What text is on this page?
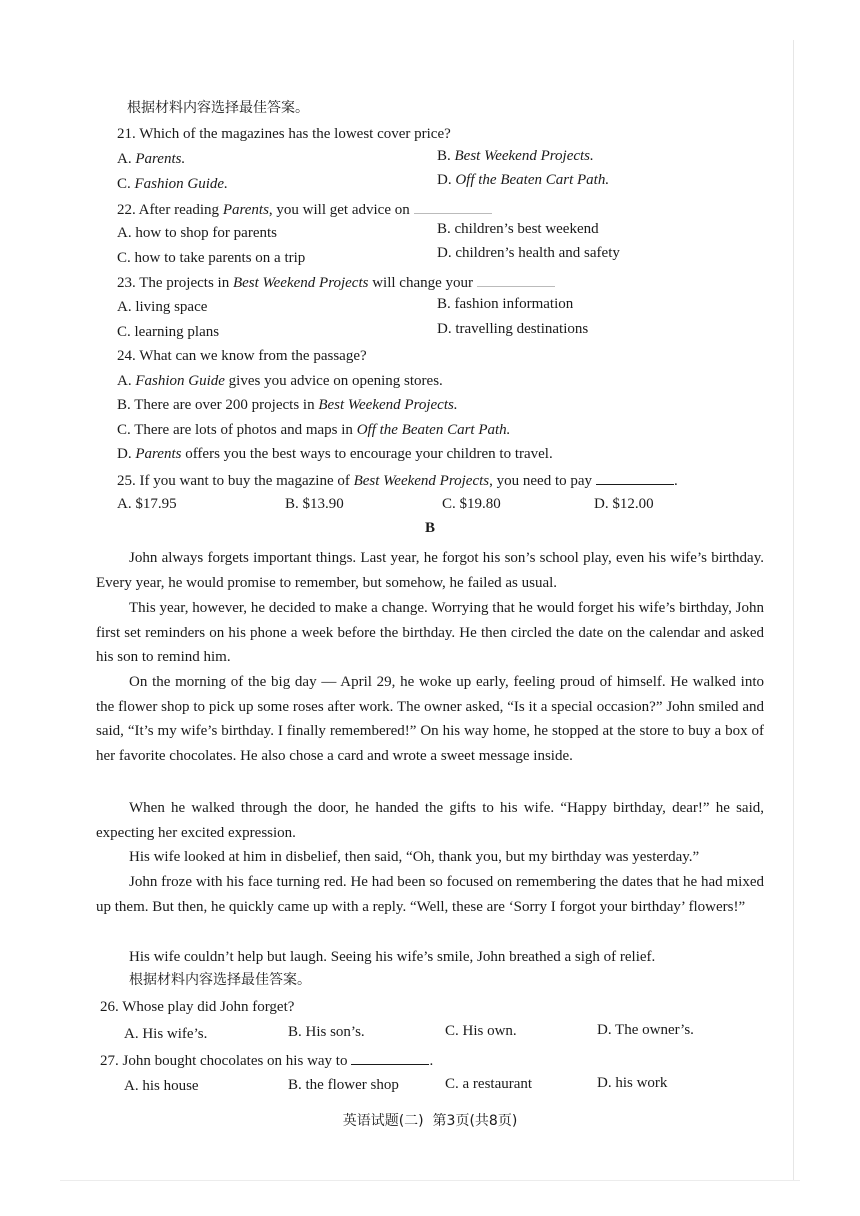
根据材料内容选择最佳答案。
21. Which of the magazines has the lowest cover price?
A. Parents.	B. Best Weekend Projects.
C. Fashion Guide.	D. Off the Beaten Cart Path.
22. After reading Parents, you will get advice on
A. how to shop for parents	B. children’s best weekend
C. how to take parents on a trip	D. children’s health and safety
23. The projects in Best Weekend Projects will change your
A. living space	B. fashion information
C. learning plans	D. travelling destinations
24. What can we know from the passage?
A. Fashion Guide gives you advice on opening stores.
B. There are over 200 projects in Best Weekend Projects.
C. There are lots of photos and maps in Off the Beaten Cart Path.
D. Parents offers you the best ways to encourage your children to travel.
25. If you want to buy the magazine of Best Weekend Projects, you need to pay	.
A. $17.95	B. $13.90	C. $19.80	D. $12.00
B
John always forgets important things. Last year, he forgot his son’s school play, even his wife’s birthday. Every year, he would promise to remember, but somehow, he failed as usual.
This year, however, he decided to make a change. Worrying that he would forget his wife’s birthday, John first set reminders on his phone a week before the birthday. He then circled the date on the calendar and asked his son to remind him.
On the morning of the big day — April 29, he woke up early, feeling proud of himself. He walked into the flower shop to pick up some roses after work. The owner asked, “Is it a special occasion?” John smiled and said, “It’s my wife’s birthday. I finally remembered!” On his way home, he stopped at the store to buy a box of her favorite chocolates. He also chose a card and wrote a sweet message inside.
When he walked through the door, he handed the gifts to his wife. “Happy birthday, dear!” he said, expecting her excited expression.
His wife looked at him in disbelief, then said, “Oh, thank you, but my birthday was yesterday.”
John froze with his face turning red. He had been so focused on remembering the dates that he had mixed up them. But then, he quickly came up with a reply. “Well, these are ‘Sorry I forgot your birthday’ flowers!”
His wife couldn’t help but laugh. Seeing his wife’s smile, John breathed a sigh of relief.
根据材料内容选择最佳答案。
26. Whose play did John forget?
A. His wife’s.	B. His son’s.	C. His own.	D. The owner’s.
27. John bought chocolates on his way to	.
A. his house	B. the flower shop	C. a restaurant	D. his work
英语试题(二)  第3页(共8页)
